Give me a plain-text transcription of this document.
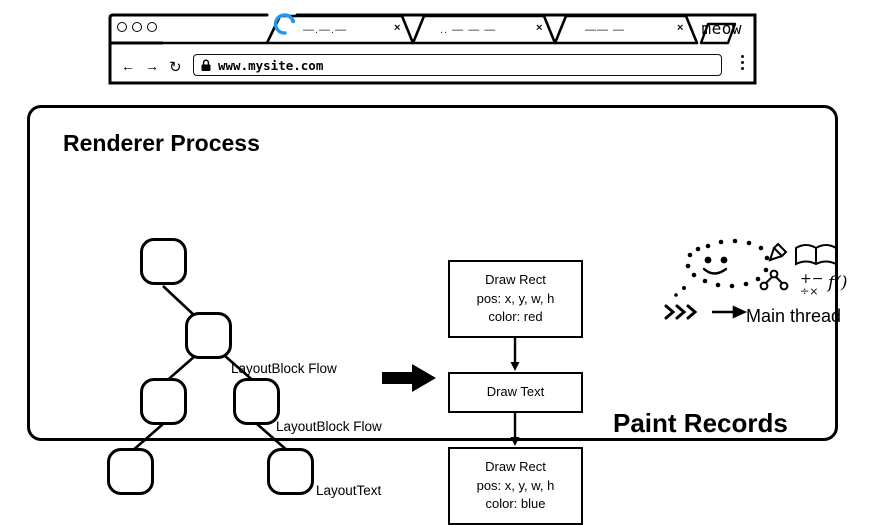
—.—.—	×	.. — — —	×	—— —	× meow
← → ↻	www.mysite.com
Renderer Process
LayoutBlock Flow
LayoutBlock Flow
LayoutText
Draw Rect
pos: x, y, w, h
color: red
Draw Text
Draw Rect
pos: x, y, w, h
color: blue
Paint Records
+−
÷× f()
Main thread
